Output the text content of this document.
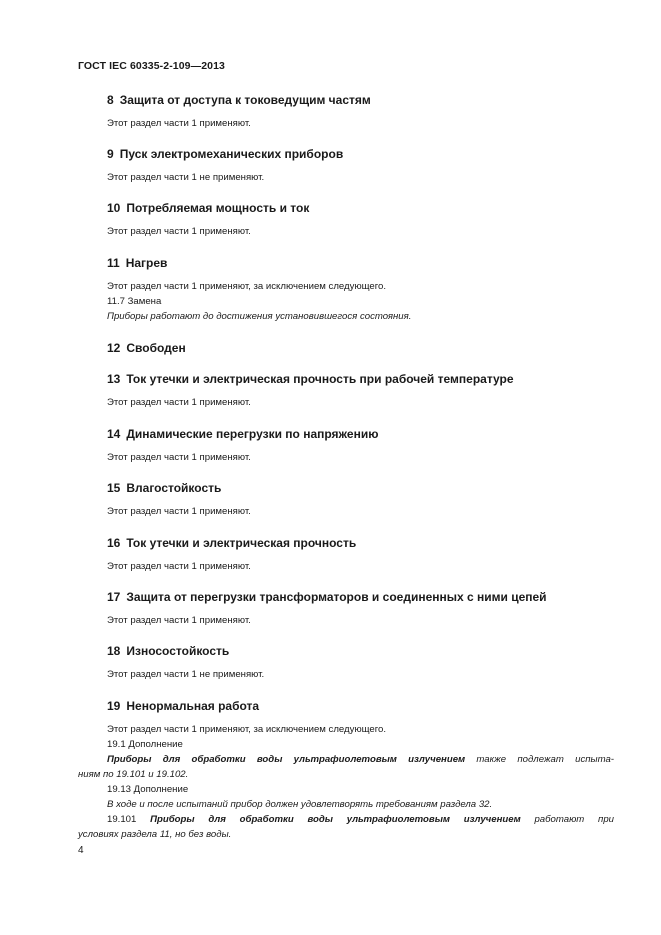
ГОСТ IEC 60335-2-109—2013
8 Защита от доступа к токоведущим частям
Этот раздел части 1 применяют.
9 Пуск электромеханических приборов
Этот раздел части 1 не применяют.
10 Потребляемая мощность и ток
Этот раздел части 1 применяют.
11 Нагрев
Этот раздел части 1 применяют, за исключением следующего.
11.7 Замена
Приборы работают до достижения установившегося состояния.
12 Свободен
13 Ток утечки и электрическая прочность при рабочей температуре
Этот раздел части 1 применяют.
14 Динамические перегрузки по напряжению
Этот раздел части 1 применяют.
15 Влагостойкость
Этот раздел части 1 применяют.
16 Ток утечки и электрическая прочность
Этот раздел части 1 применяют.
17 Защита от перегрузки трансформаторов и соединенных с ними цепей
Этот раздел части 1 применяют.
18 Износостойкость
Этот раздел части 1 не применяют.
19 Ненормальная работа
Этот раздел части 1 применяют, за исключением следующего.
19.1 Дополнение
Приборы для обработки воды ультрафиолетовым излучением также подлежат испыта-
ниям по 19.101 и 19.102.
19.13 Дополнение
В ходе и после испытаний прибор должен удовлетворять требованиям раздела 32.
19.101 Приборы для обработки воды ультрафиолетовым излучением работают при
условиях раздела 11, но без воды.
4
